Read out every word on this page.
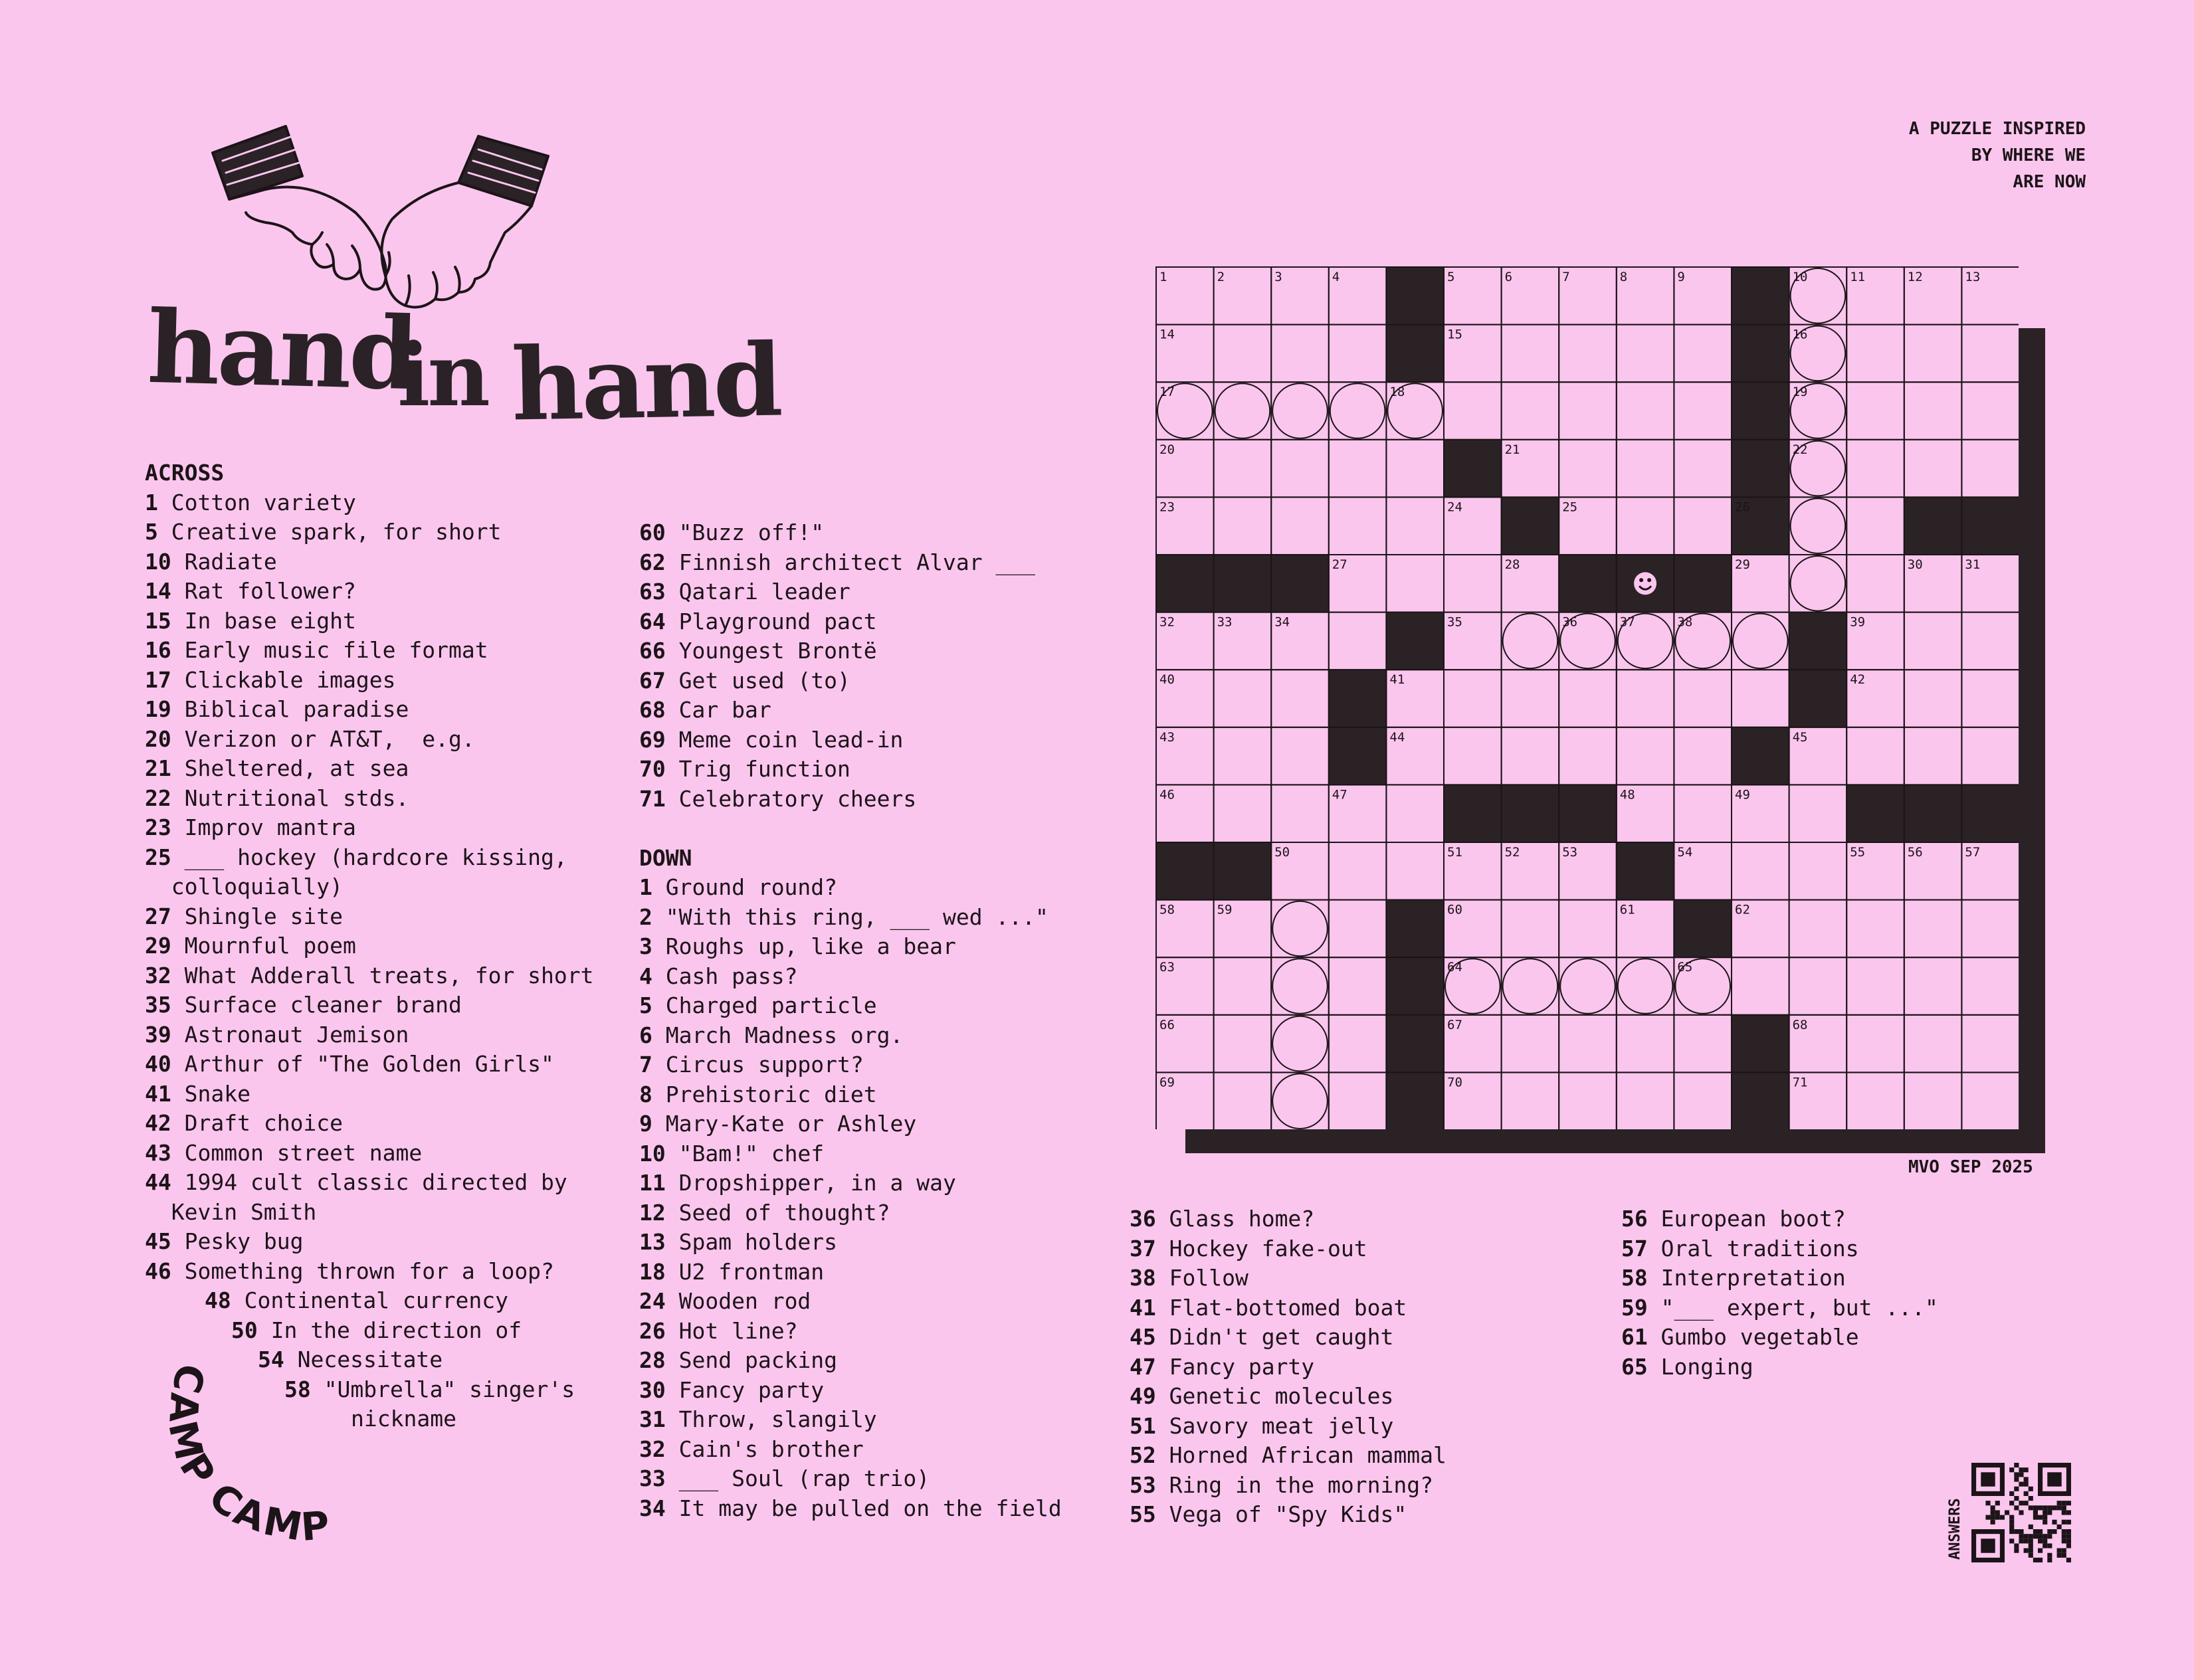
hand
in hand
A PUZZLE INSPIRED
BY WHERE WE
ARE NOW
ACROSS
1 Cotton variety
5 Creative spark, for short
10 Radiate
14 Rat follower?
15 In base eight
16 Early music file format
17 Clickable images
19 Biblical paradise
20 Verizon or AT&T,  e.g.
21 Sheltered, at sea
22 Nutritional stds.
23 Improv mantra
25 ___ hockey (hardcore kissing,
colloquially)
27 Shingle site
29 Mournful poem
32 What Adderall treats, for short
35 Surface cleaner brand
39 Astronaut Jemison
40 Arthur of "The Golden Girls"
41 Snake
42 Draft choice
43 Common street name
44 1994 cult classic directed by
Kevin Smith
45 Pesky bug
46 Something thrown for a loop?
48 Continental currency
50 In the direction of
54 Necessitate
58 "Umbrella" singer's
nickname
60 "Buzz off!"
62 Finnish architect Alvar ___
63 Qatari leader
64 Playground pact
66 Youngest Brontë
67 Get used (to)
68 Car bar
69 Meme coin lead-in
70 Trig function
71 Celebratory cheers
DOWN
1 Ground round?
2 "With this ring, ___ wed ..."
3 Roughs up, like a bear
4 Cash pass?
5 Charged particle
6 March Madness org.
7 Circus support?
8 Prehistoric diet
9 Mary-Kate or Ashley
10 "Bam!" chef
11 Dropshipper, in a way
12 Seed of thought?
13 Spam holders
18 U2 frontman
24 Wooden rod
26 Hot line?
28 Send packing
30 Fancy party
31 Throw, slangily
32 Cain's brother
33 ___ Soul (rap trio)
34 It may be pulled on the field
36 Glass home?
37 Hockey fake-out
38 Follow
41 Flat-bottomed boat
45 Didn't get caught
47 Fancy party
49 Genetic molecules
51 Savory meat jelly
52 Horned African mammal
53 Ring in the morning?
55 Vega of "Spy Kids"
56 European boot?
57 Oral traditions
58 Interpretation
59 "___ expert, but ..."
61 Gumbo vegetable
65 Longing
1	2	3	4	5	6	7	8	9	10	11	12	13
14	15	16
17	18	19
20	21	22
23	24	25	26
27	28	29	30	31
32	33	34	35	36	37	38	39
40	41	42
43	44	45
46	47	48	49
50	51	52	53	54	55	56	57
58	59	60	61	62
63	64	65
66	67	68
69	70	71
MVO SEP 2025
CAMP CAMP	ANSWERS
